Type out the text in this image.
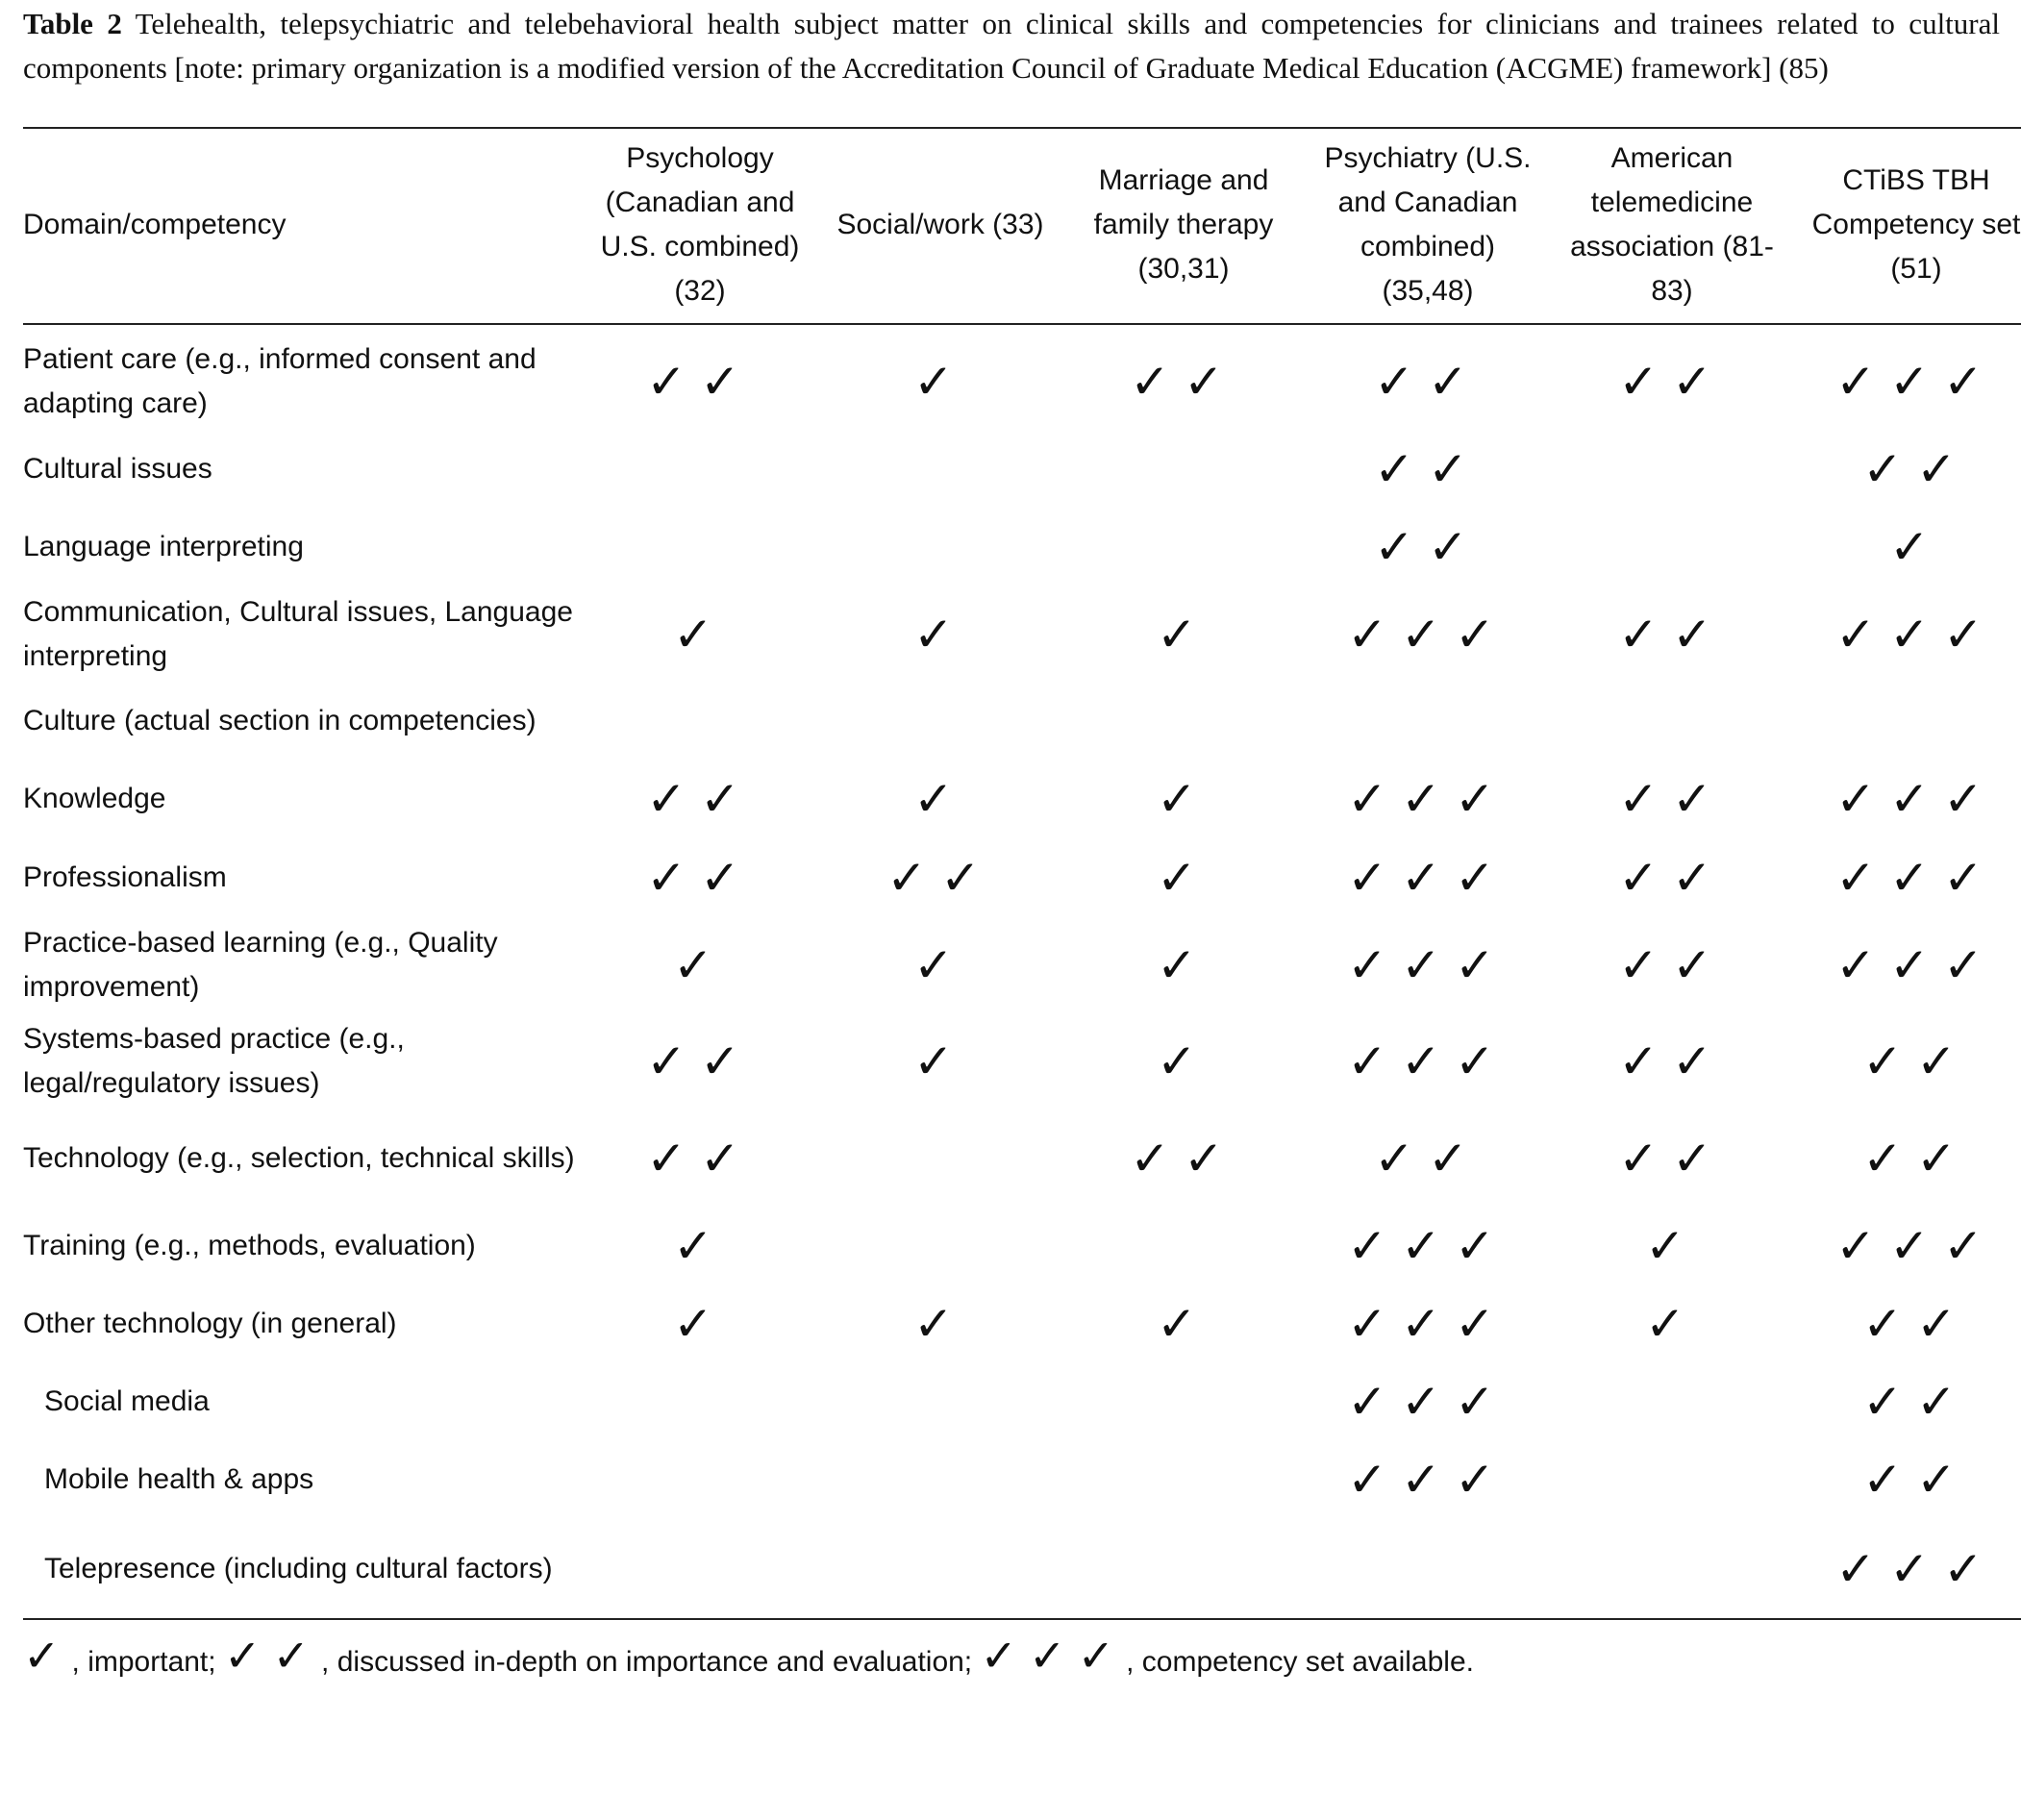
Table 2 Telehealth, telepsychiatric and telebehavioral health subject matter on clinical skills and competencies for clinicians and trainees related to cultural components [note: primary organization is a modified version of the Accreditation Council of Graduate Medical Education (ACGME) framework] (85)

Domain/competency	Psychology (Canadian and U.S. combined) (32)	Social/work (33)	Marriage and family therapy (30,31)	Psychiatry (U.S. and Canadian combined) (35,48)	American telemedicine association (81-83)	CTiBS TBH Competency set (51)

Patient care (e.g., informed consent and adapting care)	✓✓	✓	✓✓	✓✓	✓✓	✓✓✓
Cultural issues				✓✓		✓✓
Language interpreting				✓✓		✓
Communication, Cultural issues, Language interpreting	✓	✓	✓	✓✓✓	✓✓	✓✓✓
Culture (actual section in competencies)						
Knowledge	✓✓	✓	✓	✓✓✓	✓✓	✓✓✓
Professionalism	✓✓	✓✓	✓	✓✓✓	✓✓	✓✓✓
Practice-based learning (e.g., Quality improvement)	✓	✓	✓	✓✓✓	✓✓	✓✓✓
Systems-based practice (e.g., legal/regulatory issues)	✓✓	✓	✓	✓✓✓	✓✓	✓✓
Technology (e.g., selection, technical skills)	✓✓		✓✓	✓✓	✓✓	✓✓
Training (e.g., methods, evaluation)	✓			✓✓✓	✓	✓✓✓
Other technology (in general)	✓	✓	✓	✓✓✓	✓	✓✓
Social media				✓✓✓		✓✓
Mobile health & apps				✓✓✓		✓✓
Telepresence (including cultural factors)						✓✓✓
✓, important; ✓✓, discussed in-depth on importance and evaluation; ✓✓✓, competency set available.
